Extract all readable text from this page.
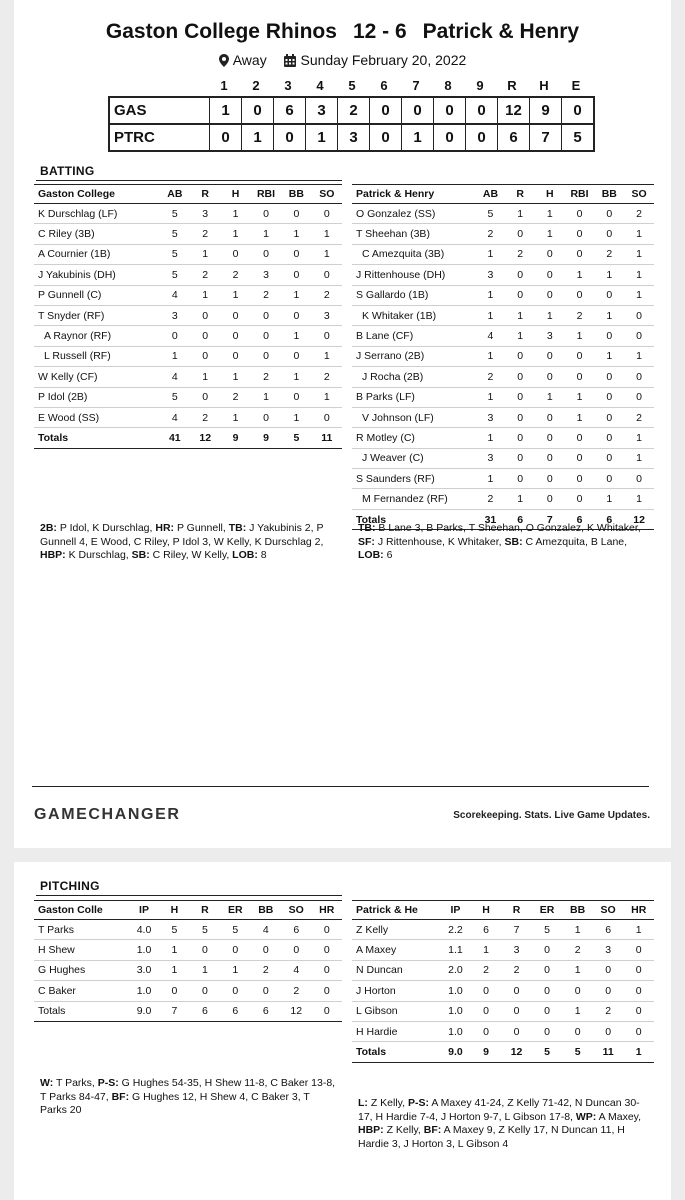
Gaston College Rhinos 12 - 6 Patrick & Henry
Away Sunday February 20, 2022
1	2	3	4	5	6	7	8	9	R	H	E
GAS	1	0	6	3	2	0	0	0	0	12	9	0
PTRC	0	1	0	1	3	0	1	0	0	6	7	5
BATTING
Gaston College	AB	R	H	RBI	BB	SO
K Durschlag (LF)	5	3	1	0	0	0
C Riley (3B)	5	2	1	1	1	1
A Cournier (1B)	5	1	0	0	0	1
J Yakubinis (DH)	5	2	2	3	0	0
P Gunnell (C)	4	1	1	2	1	2
T Snyder (RF)	3	0	0	0	0	3
A Raynor (RF)	0	0	0	0	1	0
L Russell (RF)	1	0	0	0	0	1
W Kelly (CF)	4	1	1	2	1	2
P Idol (2B)	5	0	2	1	0	1
E Wood (SS)	4	2	1	0	1	0
Totals	41	12	9	9	5	11
Patrick & Henry	AB	R	H	RBI	BB	SO
O Gonzalez (SS)	5	1	1	0	0	2
T Sheehan (3B)	2	0	1	0	0	1
C Amezquita (3B)	1	2	0	0	2	1
J Rittenhouse (DH)	3	0	0	1	1	1
S Gallardo (1B)	1	0	0	0	0	1
K Whitaker (1B)	1	1	1	2	1	0
B Lane (CF)	4	1	3	1	0	0
J Serrano (2B)	1	0	0	0	1	1
J Rocha (2B)	2	0	0	0	0	0
B Parks (LF)	1	0	1	1	0	0
V Johnson (LF)	3	0	0	1	0	2
R Motley (C)	1	0	0	0	0	1
J Weaver (C)	3	0	0	0	0	1
S Saunders (RF)	1	0	0	0	0	0
M Fernandez (RF)	2	1	0	0	1	1
Totals	31	6	7	6	6	12
2B: P Idol, K Durschlag, HR: P Gunnell, TB: J Yakubinis 2, P Gunnell 4, E Wood, C Riley, P Idol 3, W Kelly, K Durschlag 2, HBP: K Durschlag, SB: C Riley, W Kelly, LOB: 8
TB: B Lane 3, B Parks, T Sheehan, O Gonzalez, K Whitaker, SF: J Rittenhouse, K Whitaker, SB: C Amezquita, B Lane, LOB: 6
GAMECHANGER	Scorekeeping. Stats. Live Game Updates.
PITCHING
Gaston Colle	IP	H	R	ER	BB	SO	HR
T Parks	4.0	5	5	5	4	6	0
H Shew	1.0	1	0	0	0	0	0
G Hughes	3.0	1	1	1	2	4	0
C Baker	1.0	0	0	0	0	2	0
Totals	9.0	7	6	6	6	12	0
Patrick & He	IP	H	R	ER	BB	SO	HR
Z Kelly	2.2	6	7	5	1	6	1
A Maxey	1.1	1	3	0	2	3	0
N Duncan	2.0	2	2	0	1	0	0
J Horton	1.0	0	0	0	0	0	0
L Gibson	1.0	0	0	0	1	2	0
H Hardie	1.0	0	0	0	0	0	0
Totals	9.0	9	12	5	5	11	1
W: T Parks, P-S: G Hughes 54-35, H Shew 11-8, C Baker 13-8, T Parks 84-47, BF: G Hughes 12, H Shew 4, C Baker 3, T Parks 20
L: Z Kelly, P-S: A Maxey 41-24, Z Kelly 71-42, N Duncan 30-17, H Hardie 7-4, J Horton 9-7, L Gibson 17-8, WP: A Maxey, HBP: Z Kelly, BF: A Maxey 9, Z Kelly 17, N Duncan 11, H Hardie 3, J Horton 3, L Gibson 4
